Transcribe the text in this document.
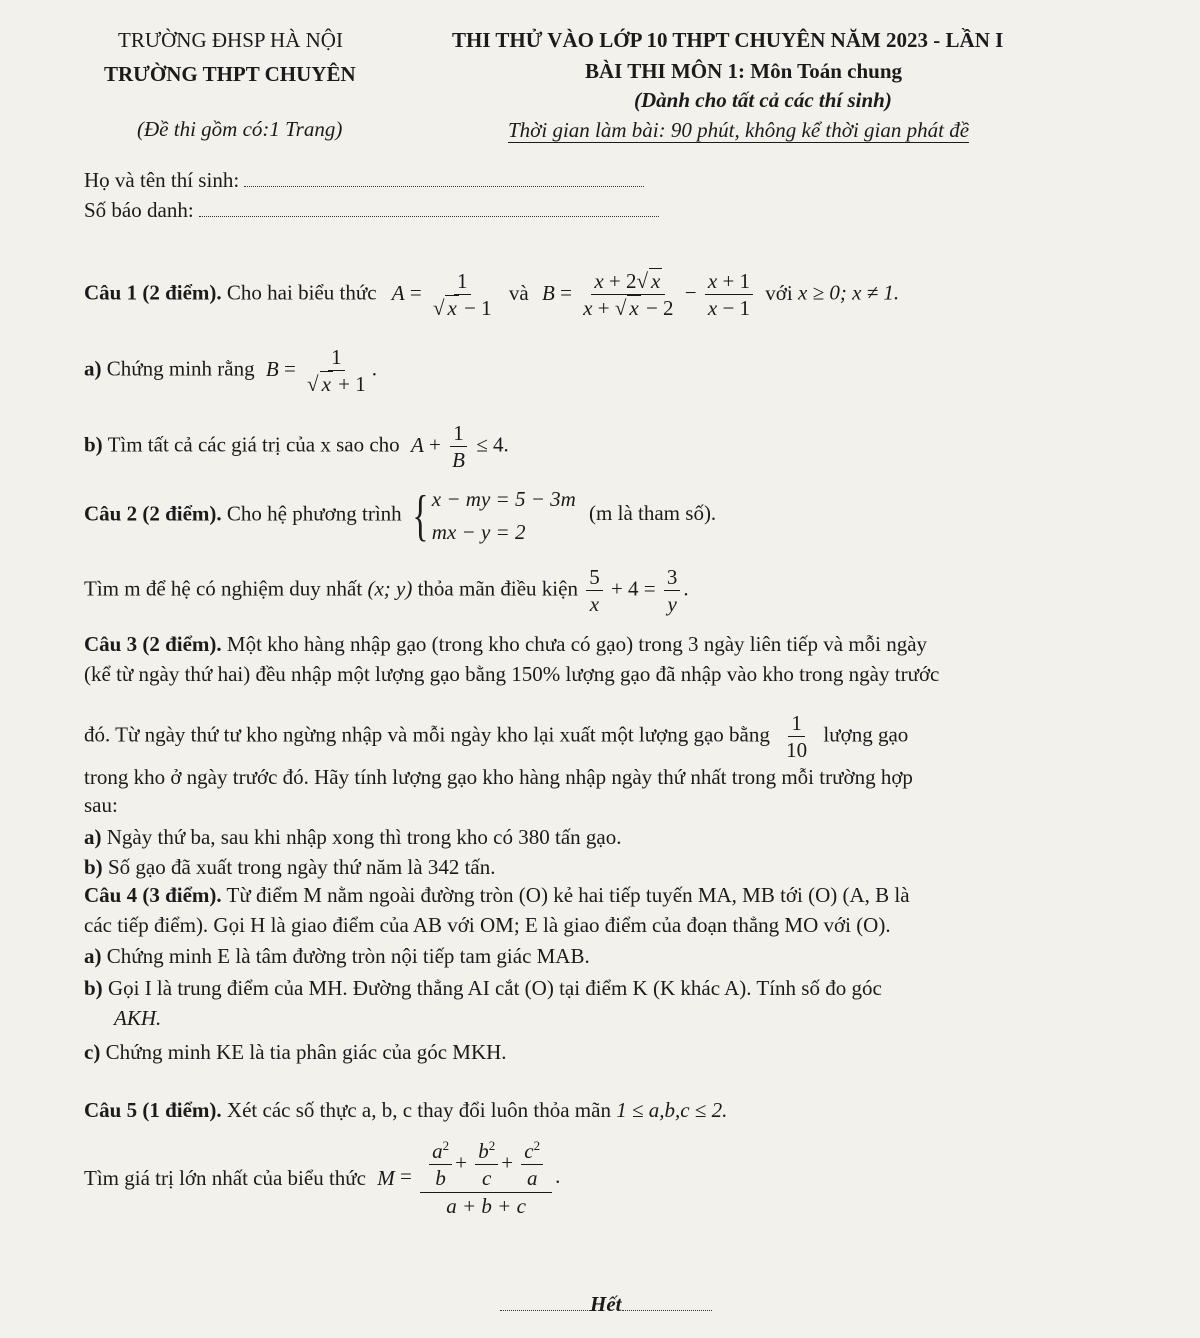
TRƯỜNG ĐHSP HÀ NỘI
TRƯỜNG THPT CHUYÊN
(Đề thi gồm có:1 Trang)
THI THỬ VÀO LỚP 10 THPT CHUYÊN NĂM 2023 - LẦN I
BÀI THI MÔN 1: Môn Toán chung
(Dành cho tất cả các thí sinh)
Thời gian làm bài: 90 phút, không kể thời gian phát đề
Họ và tên thí sinh:
Số báo danh:
Câu 1 (2 điểm). Cho hai biểu thức $A = \frac{1}{√ x - 1}$ và $B = \frac{x + 2√ x}{x + √ x - 2} - \frac{x + 1}{x - 1}$ với x ≥ 0; x ≠ 1.
a) Chứng minh rằng $B = \frac{1}{√ x + 1}$ .
b) Tìm tất cả các giá trị của x sao cho $A + \frac{1}{B} \le 4$.
Câu 2 (2 điểm). Cho hệ phương trình { x − my = 5 − 3m
mx − y = 2
(m là tham số).
Tìm m để hệ có nghiệm duy nhất (x; y) thỏa mãn điều kiện $\frac{5}{x} + 4 = \frac{3}{y}$ .
Câu 3 (2 điểm). Một kho hàng nhập gạo (trong kho chưa có gạo) trong 3 ngày liên tiếp và mỗi ngày
(kể từ ngày thứ hai) đều nhập một lượng gạo bằng 150% lượng gạo đã nhập vào kho trong ngày trước
đó. Từ ngày thứ tư kho ngừng nhập và mỗi ngày kho lại xuất một lượng gạo bằng $\frac{1}{10}$ lượng gạo
trong kho ở ngày trước đó. Hãy tính lượng gạo kho hàng nhập ngày thứ nhất trong mỗi trường hợp
sau:
a) Ngày thứ ba, sau khi nhập xong thì trong kho có 380 tấn gạo.
b) Số gạo đã xuất trong ngày thứ năm là 342 tấn.
Câu 4 (3 điểm). Từ điểm M nằm ngoài đường tròn (O) kẻ hai tiếp tuyến MA, MB tới (O) (A, B là
các tiếp điểm). Gọi H là giao điểm của AB với OM; E là giao điểm của đoạn thẳng MO với (O).
a) Chứng minh E là tâm đường tròn nội tiếp tam giác MAB.
b) Gọi I là trung điểm của MH. Đường thẳng AI cắt (O) tại điểm K (K khác A). Tính số đo góc
AKH.
c) Chứng minh KE là tia phân giác của góc MKH.
Câu 5 (1 điểm). Xét các số thực a, b, c thay đổi luôn thỏa mãn 1 ≤ a,b,c ≤ 2.
Tìm giá trị lớn nhất của biểu thức $M = \frac{\frac{a^2}{b} + \frac{b^2}{c} + \frac{c^2}{a}}{a + b + c}$ .
Hết
